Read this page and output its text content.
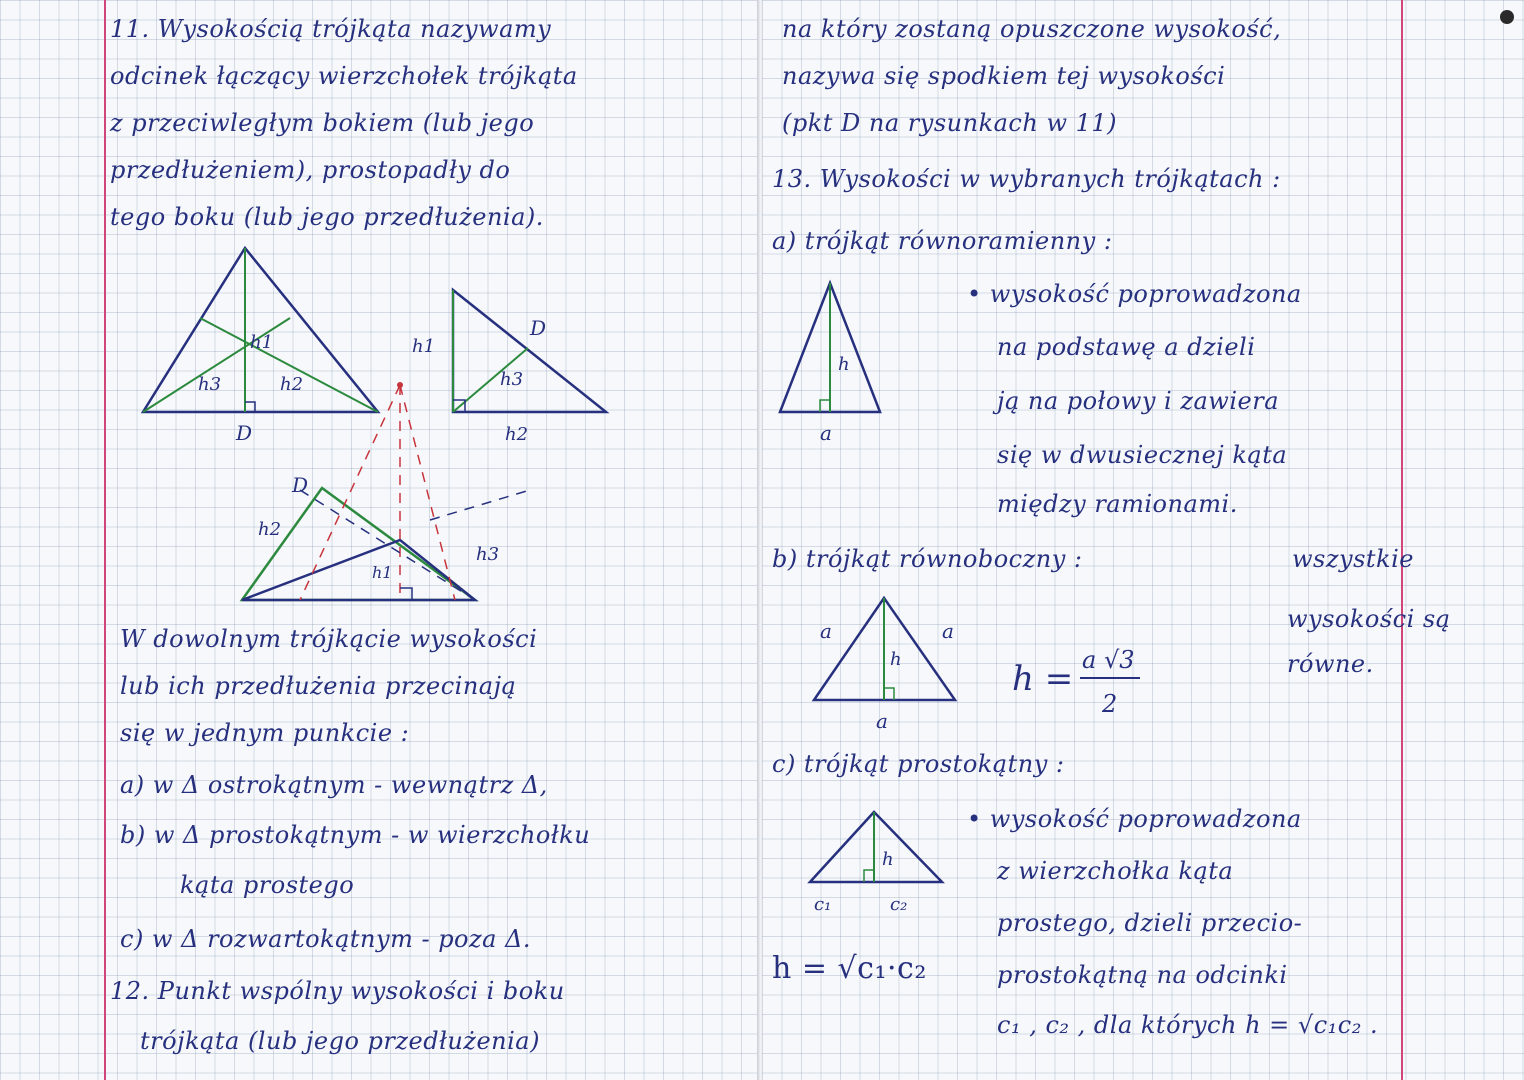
11. Wysokością trójkąta nazywamy
odcinek łączący wierzchołek trójkąta
z przeciwległym bokiem (lub jego
przedłużeniem), prostopadły do
tego boku (lub jego przedłużenia).
h1
h2
h3
D
h1
h3
h2
D
h1
h2
h3
D
W dowolnym trójkącie wysokości
lub ich przedłużenia przecinają
się w jednym punkcie :
a) w Δ ostrokątnym - wewnątrz Δ,
b) w Δ prostokątnym - w wierzchołku
kąta prostego
c) w Δ rozwartokątnym - poza Δ.
12. Punkt wspólny wysokości i boku
trójkąta (lub jego przedłużenia)
na który zostaną opuszczone wysokość,
nazywa się spodkiem tej wysokości
(pkt D na rysunkach w 11)
13. Wysokości w wybranych trójkątach :
a) trójkąt równoramienny :
• wysokość poprowadzona
na podstawę a dzieli
ją na połowy i zawiera
się w dwusiecznej kąta
między ramionami.
h
a
a	a
a
h	h = a √3
2
h
c₁	c₂
b) trójkąt równoboczny :	wszystkie
wysokości są
równe.
c) trójkąt prostokątny :
• wysokość poprowadzona
z wierzchołka kąta
prostego, dzieli przecio-
prostokątną na odcinki
c₁ , c₂ , dla których h = √c₁c₂ .
h = √c₁·c₂
